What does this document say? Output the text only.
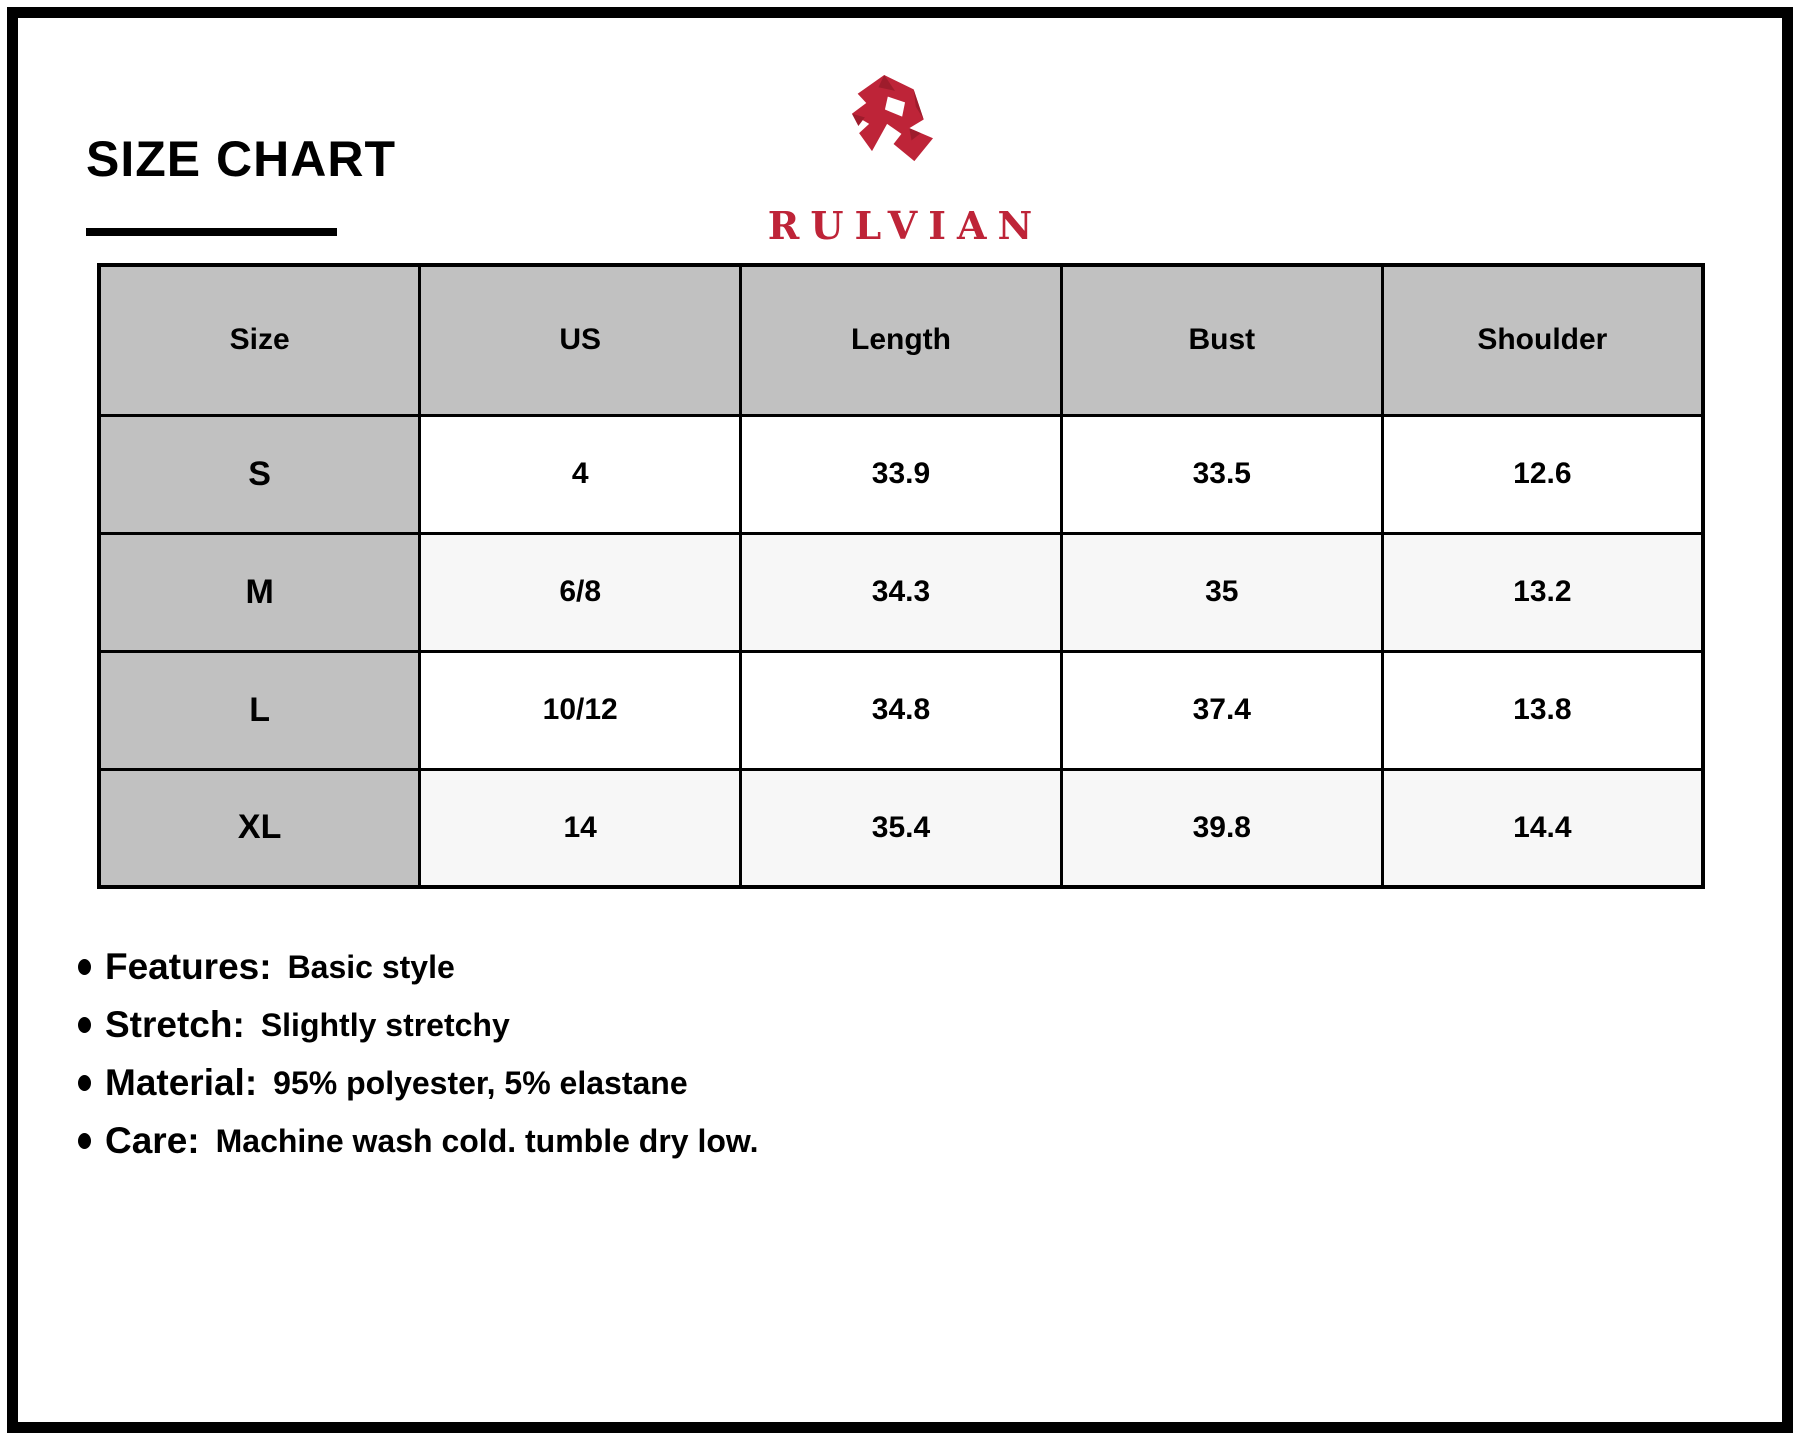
SIZE CHART
RULVIAN
Size	US	Length	Bust	Shoulder
S	4	33.9	33.5	12.6
M	6/8	34.3	35	13.2
L	10/12	34.8	37.4	13.8
XL	14	35.4	39.8	14.4
Features: Basic style
Stretch: Slightly stretchy
Material: 95% polyester, 5% elastane
Care: Machine wash cold. tumble dry low.
